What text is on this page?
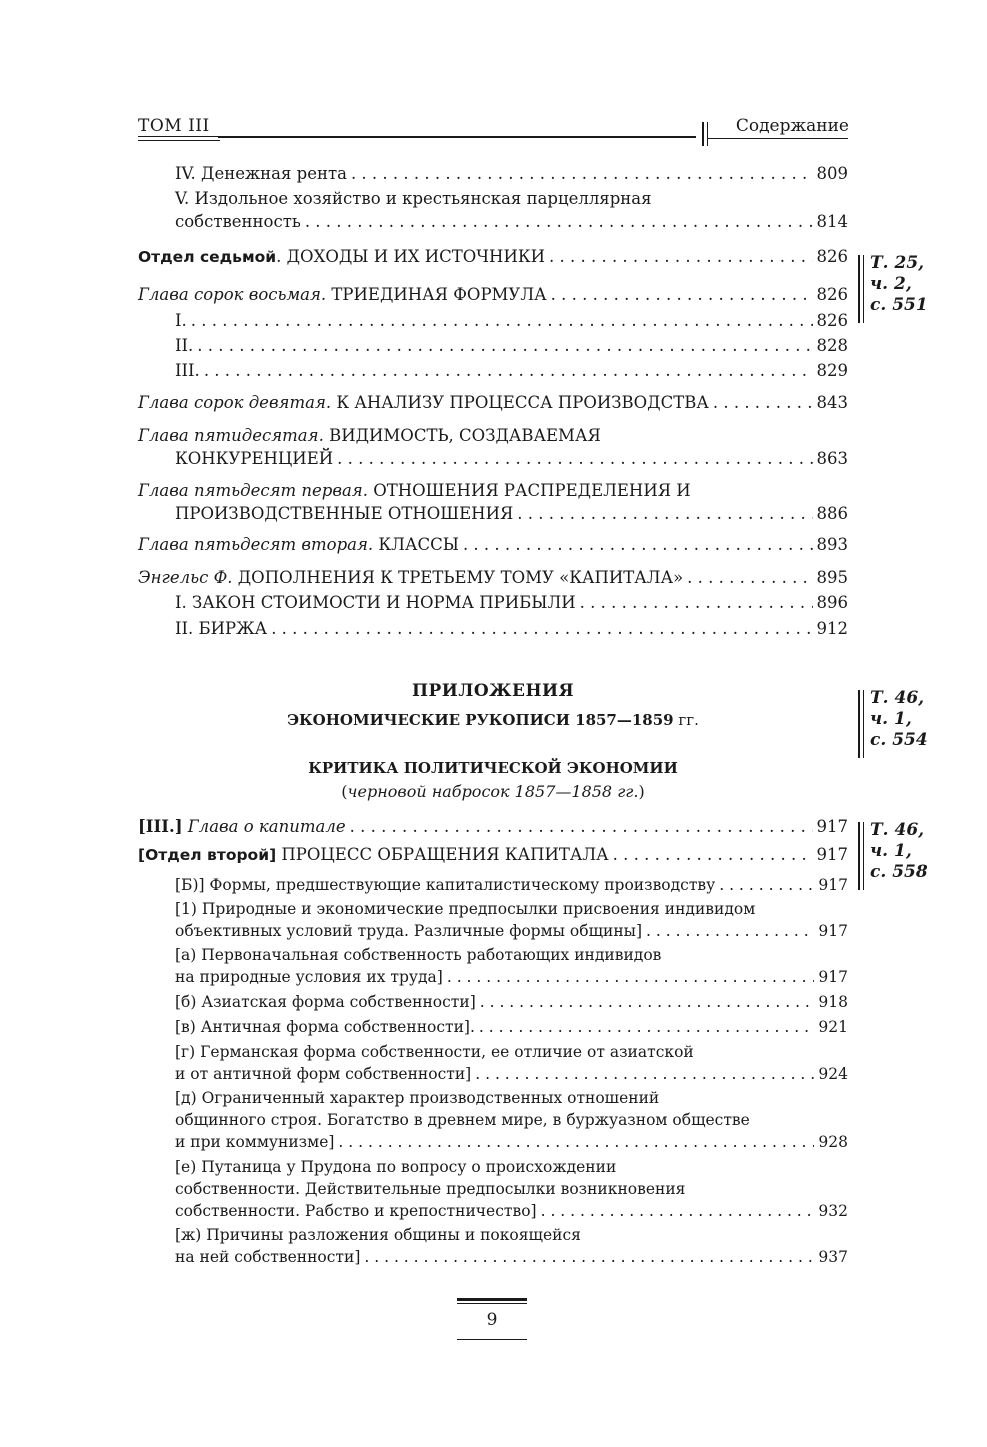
ТОМ III	Содержание
IV. Денежная рента . . .	809
V. Издольное хозяйство и крестьянская парцеллярная
собственность . . .	814
Отдел седьмой. ДОХОДЫ И ИХ ИСТОЧНИКИ . . .	826 Т. 25,
ч. 2,
с. 551
Глава сорок восьмая. ТРИЕДИНАЯ ФОРМУЛА . . .	826
I. . . .	826
II. . . .	828
III. . . .	829
Глава сорок девятая. К АНАЛИЗУ ПРОЦЕССА ПРОИЗВОДСТВА . . .	843
Глава пятидесятая. ВИДИМОСТЬ, СОЗДАВАЕМАЯ
КОНКУРЕНЦИЕЙ . . .	863
Глава пятьдесят первая. ОТНОШЕНИЯ РАСПРЕДЕЛЕНИЯ И
ПРОИЗВОДСТВЕННЫЕ ОТНОШЕНИЯ . . .	886
Глава пятьдесят вторая. КЛАССЫ . . .	893
Энгельс Ф. ДОПОЛНЕНИЯ К ТРЕТЬЕМУ ТОМУ «КАПИТАЛА» . . .	895
I. ЗАКОН СТОИМОСТИ И НОРМА ПРИБЫЛИ . . .	896
II. БИРЖА . . .	912
ПРИЛОЖЕНИЯ
ЭКОНОМИЧЕСКИЕ РУКОПИСИ 1857—1859 гг.
Т. 46,
ч. 1,
с. 554
КРИТИКА ПОЛИТИЧЕСКОЙ ЭКОНОМИИ
(черновой набросок 1857—1858 гг.)
[III.] Глава о капитале . . .	917
[Отдел второй] ПРОЦЕСС ОБРАЩЕНИЯ КАПИТАЛА . . .	917
Т. 46,
ч. 1,
с. 558
[Б)] Формы, предшествующие капиталистическому производству . . .	917
[1) Природные и экономические предпосылки присвоения индивидом
объективных условий труда. Различные формы общины] . . .	917
[а) Первоначальная собственность работающих индивидов
на природные условия их труда] . . .	917
[б) Азиатская форма собственности] . . .	918
[в) Античная форма собственности]. . . .	921
[г) Германская форма собственности, ее отличие от азиатской
и от античной форм собственности] . . .	924
[д) Ограниченный характер производственных отношений
общинного строя. Богатство в древнем мире, в буржуазном обществе
и при коммунизме] . . .	928
[е) Путаница у Прудона по вопросу о происхождении
собственности. Действительные предпосылки возникновения
собственности. Рабство и крепостничество] . . .	932
[ж) Причины разложения общины и покоящейся
на ней собственности] . . .	937
9
